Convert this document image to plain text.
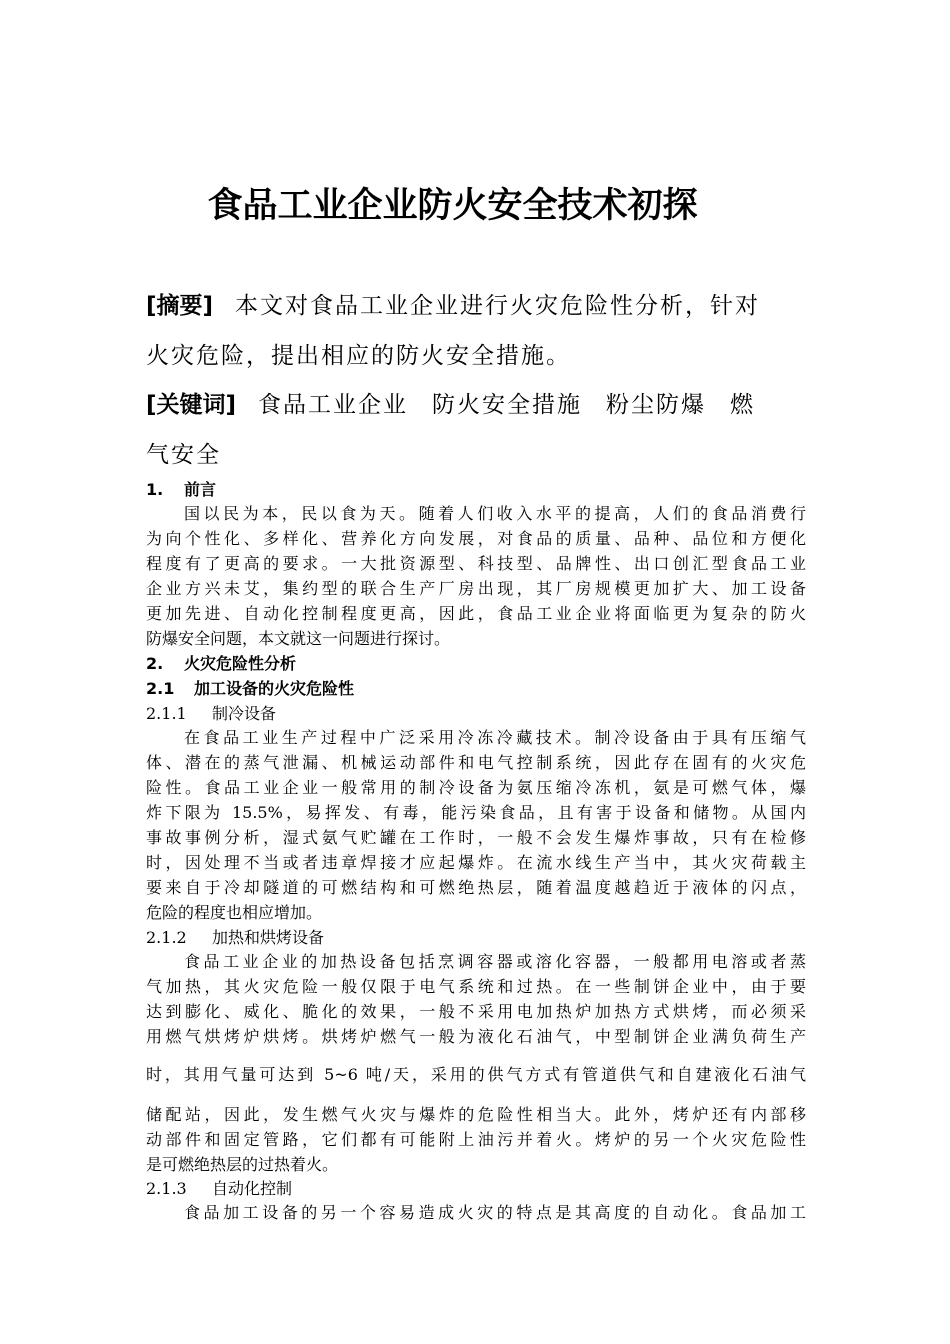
食品工业企业防火安全技术初探
[摘要] 本文对食品工业企业进行火灾危险性分析，针对
火灾危险，提出相应的防火安全措施。
[关键词] 食品工业企业 防火安全措施 粉尘防爆 燃
气安全
1. 前言
国以民为本，民以食为天。随着人们收入水平的提高，人们的食品消费行
为向个性化、多样化、营养化方向发展，对食品的质量、品种、品位和方便化
程度有了更高的要求。一大批资源型、科技型、品牌性、出口创汇型食品工业
企业方兴未艾，集约型的联合生产厂房出现，其厂房规模更加扩大、加工设备
更加先进、自动化控制程度更高，因此，食品工业企业将面临更为复杂的防火
防爆安全问题，本文就这一问题进行探讨。
2. 火灾危险性分析
2.1 加工设备的火灾危险性
2.1.1 制冷设备
在食品工业生产过程中广泛采用冷冻冷藏技术。制冷设备由于具有压缩气
体、潜在的蒸气泄漏、机械运动部件和电气控制系统，因此存在固有的火灾危
险性。食品工业企业一般常用的制冷设备为氨压缩冷冻机，氨是可燃气体，爆
炸下限为 15.5%，易挥发、有毒，能污染食品，且有害于设备和储物。从国内
事故事例分析，湿式氨气贮罐在工作时，一般不会发生爆炸事故，只有在检修
时，因处理不当或者违章焊接才应起爆炸。在流水线生产当中，其火灾荷载主
要来自于冷却隧道的可燃结构和可燃绝热层，随着温度越趋近于液体的闪点，
危险的程度也相应增加。
2.1.2 加热和烘烤设备
食品工业企业的加热设备包括烹调容器或溶化容器，一般都用电溶或者蒸
气加热，其火灾危险一般仅限于电气系统和过热。在一些制饼企业中，由于要
达到膨化、威化、脆化的效果，一般不采用电加热炉加热方式烘烤，而必须采
用燃气烘烤炉烘烤。烘烤炉燃气一般为液化石油气，中型制饼企业满负荷生产
时，其用气量可达到 5~6 吨/天，采用的供气方式有管道供气和自建液化石油气
储配站，因此，发生燃气火灾与爆炸的危险性相当大。此外，烤炉还有内部移
动部件和固定管路，它们都有可能附上油污并着火。烤炉的另一个火灾危险性
是可燃绝热层的过热着火。
2.1.3 自动化控制
食品加工设备的另一个容易造成火灾的特点是其高度的自动化。食品加工
